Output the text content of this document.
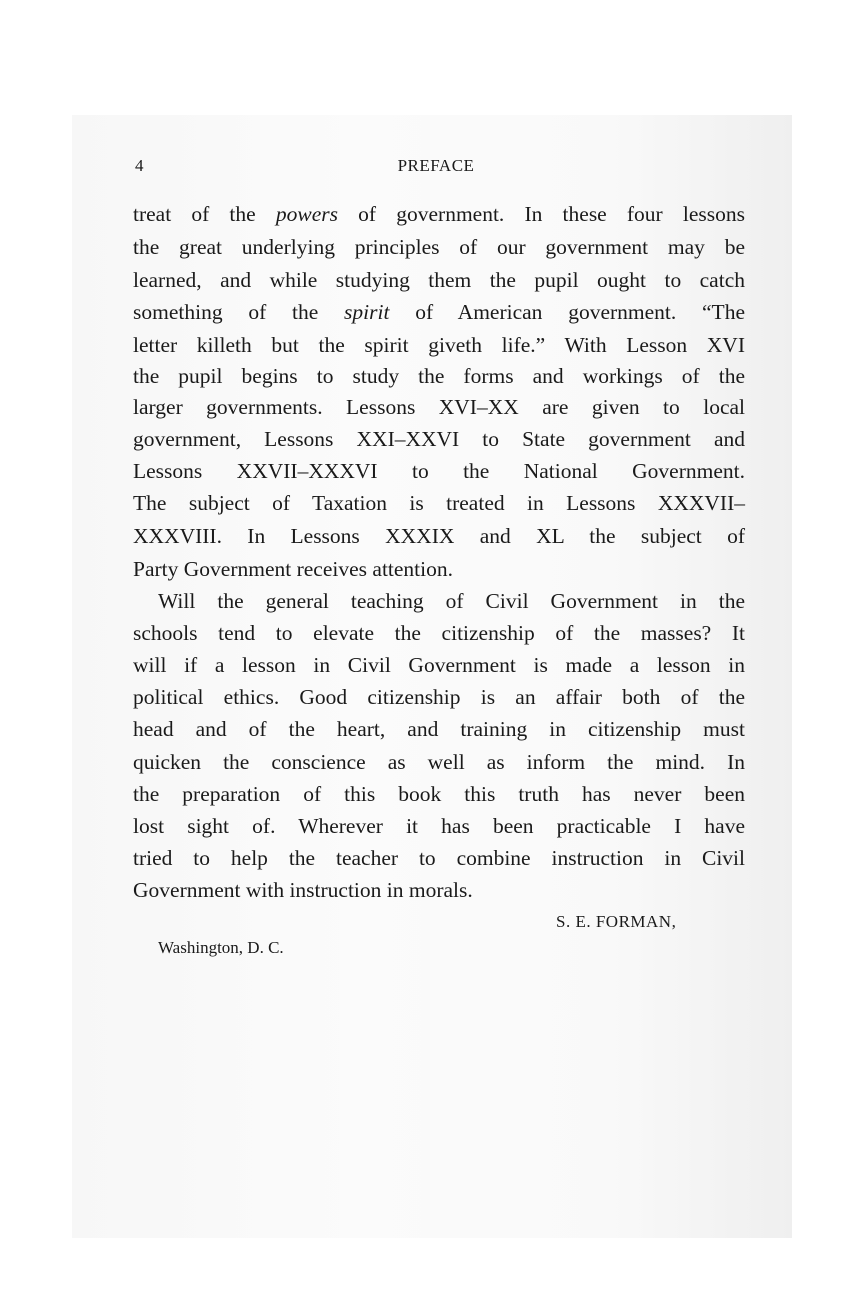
4	PREFACE
treat of the powers of government. In these four lessons
the great underlying principles of our government may be
learned, and while studying them the pupil ought to catch
something of the spirit of American government. “The
letter killeth but the spirit giveth life.” With Lesson XVI
the pupil begins to study the forms and workings of the
larger governments. Lessons XVI–XX are given to local
government, Lessons XXI–XXVI to State government and
Lessons XXVII–XXXVI to the National Government.
The subject of Taxation is treated in Lessons XXXVII–
XXXVIII. In Lessons XXXIX and XL the subject of
Party Government receives attention.
Will the general teaching of Civil Government in the
schools tend to elevate the citizenship of the masses? It
will if a lesson in Civil Government is made a lesson in
political ethics. Good citizenship is an affair both of the
head and of the heart, and training in citizenship must
quicken the conscience as well as inform the mind. In
the preparation of this book this truth has never been
lost sight of. Wherever it has been practicable I have
tried to help the teacher to combine instruction in Civil
Government with instruction in morals.
S. E. FORMAN,
Washington, D. C.
